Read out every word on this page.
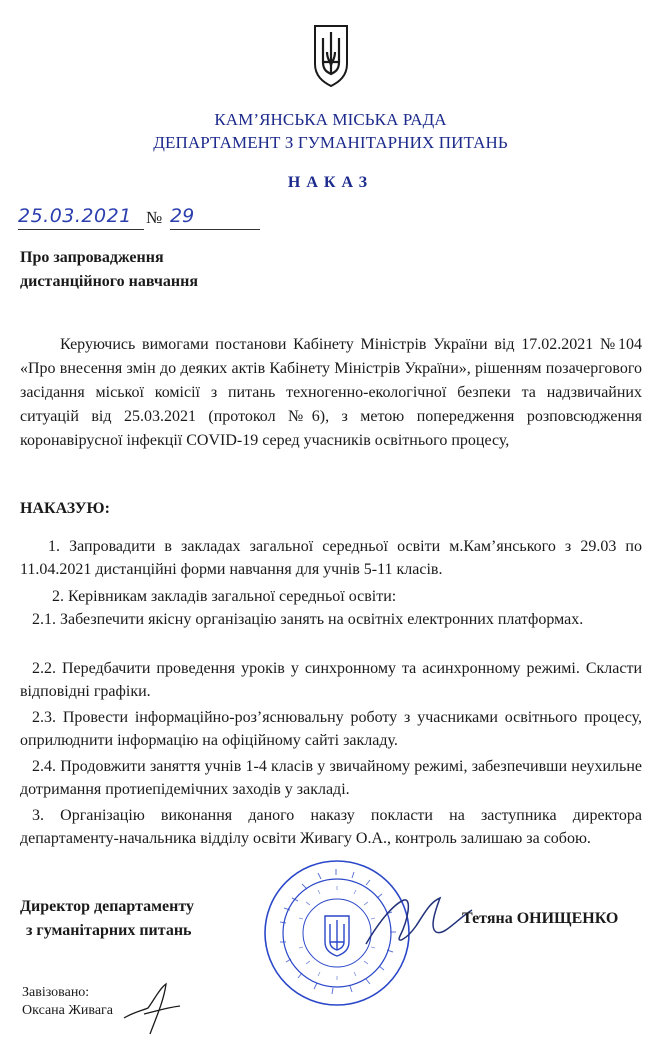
КАМ’ЯНСЬКА МІСЬКА РАДА
ДЕПАРТАМЕНТ З ГУМАНІТАРНИХ ПИТАНЬ
НАКАЗ
25.03.2021 № 29
Про запровадження
дистанційного навчання

Керуючись вимогами постанови Кабінету Міністрів України від 17.02.2021 №104 «Про внесення змін до деяких актів Кабінету Міністрів України», рішенням позачергового засідання міської комісії з питань техногенно-екологічної безпеки та надзвичайних ситуацій від 25.03.2021 (протокол №6), з метою попередження розповсюдження коронавірусної інфекції COVID-19 серед учасників освітнього процесу,

НАКАЗУЮ:

1. Запровадити в закладах загальної середньої освіти м.Кам’янського з 29.03 по 11.04.2021 дистанційні форми навчання для учнів 5-11 класів.

2. Керівникам закладів загальної середньої освіти:

2.1. Забезпечити якісну організацію занять на освітніх електронних платформах.

2.2. Передбачити проведення уроків у синхронному та асинхронному режимі. Скласти відповідні графіки.

2.3. Провести інформаційно-роз’яснювальну роботу з учасниками освітнього процесу, оприлюднити інформацію на офіційному сайті закладу.

2.4. Продовжити заняття учнів 1-4 класів у звичайному режимі, забезпечивши неухильне дотримання протиепідемічних заходів у закладі.

3. Організацію виконання даного наказу покласти на заступника директора департаменту-начальника відділу освіти Живагу О.А., контроль залишаю за собою.

Директор департаменту
з гуманітарних питань
Тетяна ОНИЩЕНКО
Завізовано:
Оксана Живага
